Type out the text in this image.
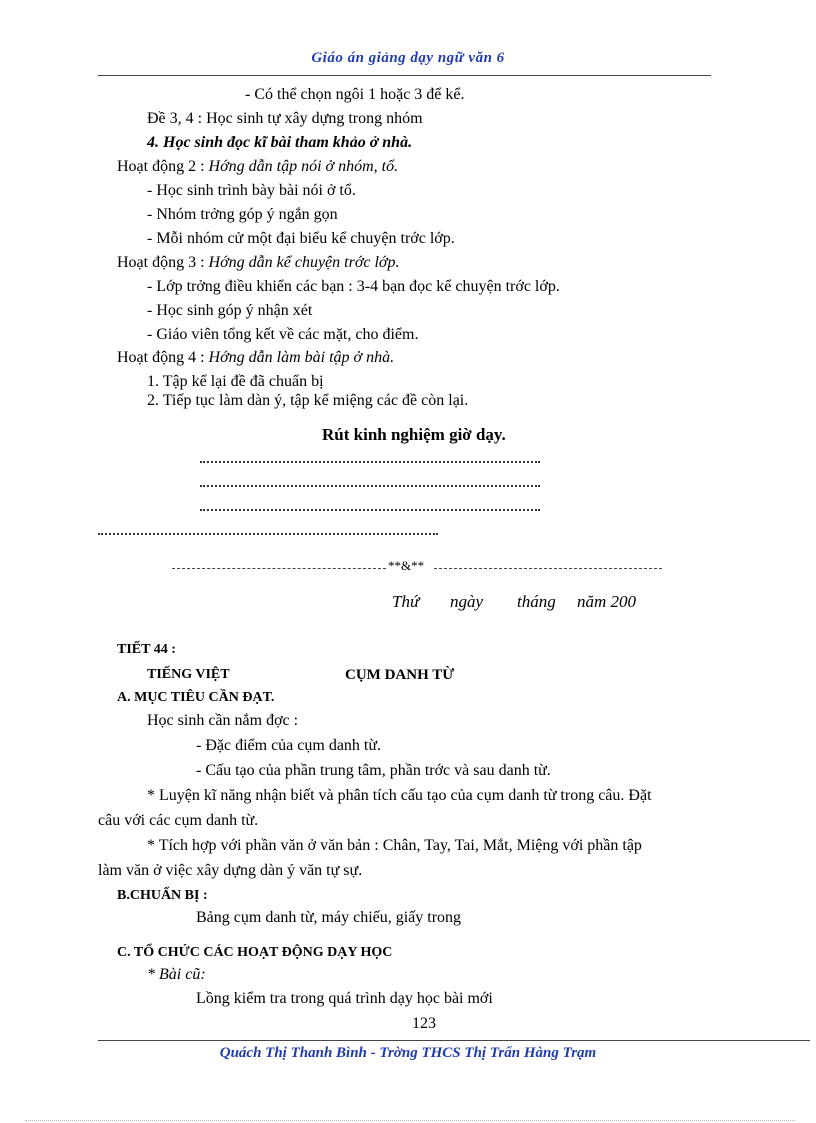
Giáo án giảng dạy ngữ văn 6
- Có thể chọn ngôi 1 hoặc 3 để kể.
Đề 3, 4 : Học sinh tự xây dựng trong nhóm
4. Học sinh đọc kĩ bài tham khảo ở nhà.
Hoạt động 2 : Hớng dẫn tập nói ở nhóm, tổ.
- Học sinh trình bày bài nói ở tổ.
- Nhóm trởng góp ý ngắn gọn
- Mỗi nhóm cử một đại biểu kể chuyện trớc lớp.
Hoạt động 3 : Hớng dẫn kể chuyện trớc lớp.
- Lớp trởng điều khiển các bạn : 3-4 bạn đọc kể chuyện trớc lớp.
- Học sinh góp ý nhận xét
- Giáo viên tổng kết về các mặt, cho điểm.
Hoạt động 4 : Hớng dẫn làm bài tập ở nhà.
1. Tập kể lại đề đã chuẩn bị
2. Tiếp tục làm dàn ý, tập kể miệng các đề còn lại.
Rút kinh nghiệm giờ dạy.
**&**
Thứ ngày tháng năm 200
TIẾT 44 :
TIẾNG VIỆT	CỤM DANH TỪ
A. MỤC TIÊU CẦN ĐẠT.
Học sinh cần nắm đợc :
- Đặc điểm của cụm danh từ.
- Cấu tạo của phần trung tâm, phần trớc và sau danh từ.
* Luyện kĩ năng nhận biết và phân tích cấu tạo của cụm danh từ trong câu. Đặt
câu với các cụm danh từ.
* Tích hợp với phần văn ở văn bản : Chân, Tay, Tai, Mắt, Miệng với phần tập
làm văn ở việc xây dựng dàn ý văn tự sự.
B.CHUẨN BỊ :
Bảng cụm danh từ, máy chiếu, giấy trong
C. TỔ CHỨC CÁC HOẠT ĐỘNG DẠY HỌC
* Bài cũ:
Lồng kiểm tra trong quá trình dạy học bài mới
123
Quách Thị Thanh Bình - Trờng THCS Thị Trấn Hàng Trạm
